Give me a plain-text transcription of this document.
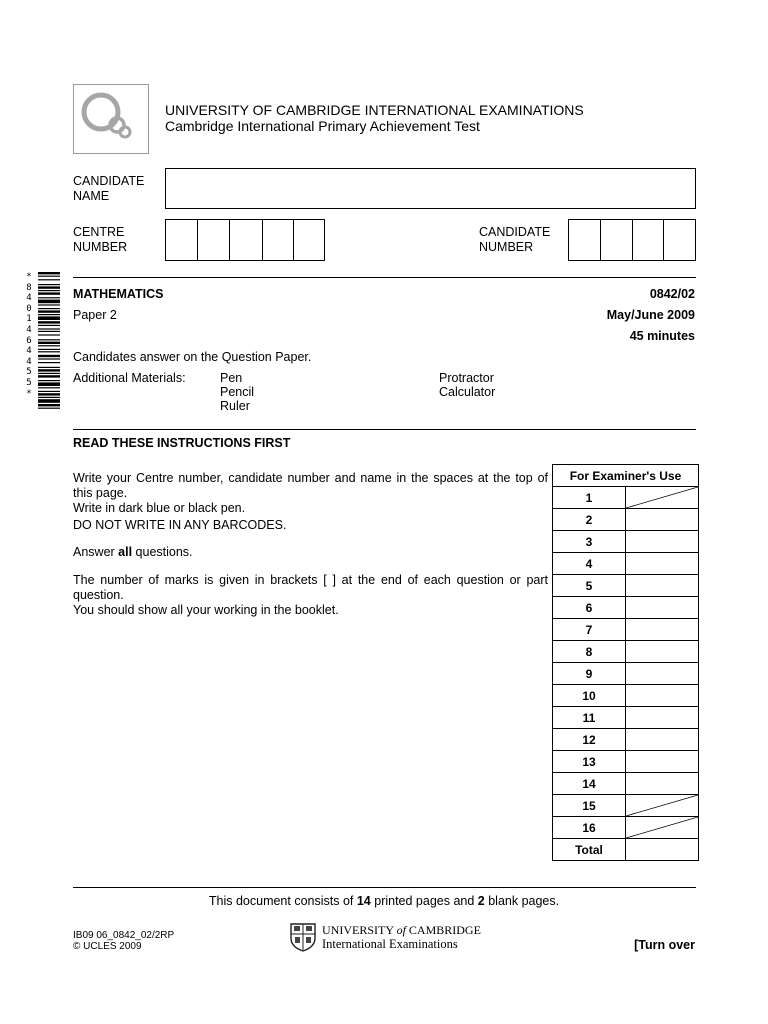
UNIVERSITY OF CAMBRIDGE INTERNATIONAL EXAMINATIONS
Cambridge International Primary Achievement Test
CANDIDATE
NAME
CENTRE
NUMBER
CANDIDATE
NUMBER
*
8
4
0
1
4
6
4
4
5
5
*
MATHEMATICS	0842/02
Paper 2	May/June 2009
45 minutes
Candidates answer on the Question Paper.
Additional Materials:	Pen
Pencil
Ruler
Protractor
Calculator
READ THESE INSTRUCTIONS FIRST
Write your Centre number, candidate number and name in the spaces at the top of this page.
Write in dark blue or black pen.
DO NOT WRITE IN ANY BARCODES.
Answer all questions.
The number of marks is given in brackets [ ] at the end of each question or part question.
You should show all your working in the booklet.
For Examiner's Use	
1	

2	
3	
4	
5	
6	
7	
8	
9	
10	
11	
12	
13	
14	
15	

16	

Total	
This document consists of 14 printed pages and 2 blank pages.
IB09 06_0842_02/2RP
© UCLES 2009
UNIVERSITY of CAMBRIDGE
International Examinations	[Turn over
